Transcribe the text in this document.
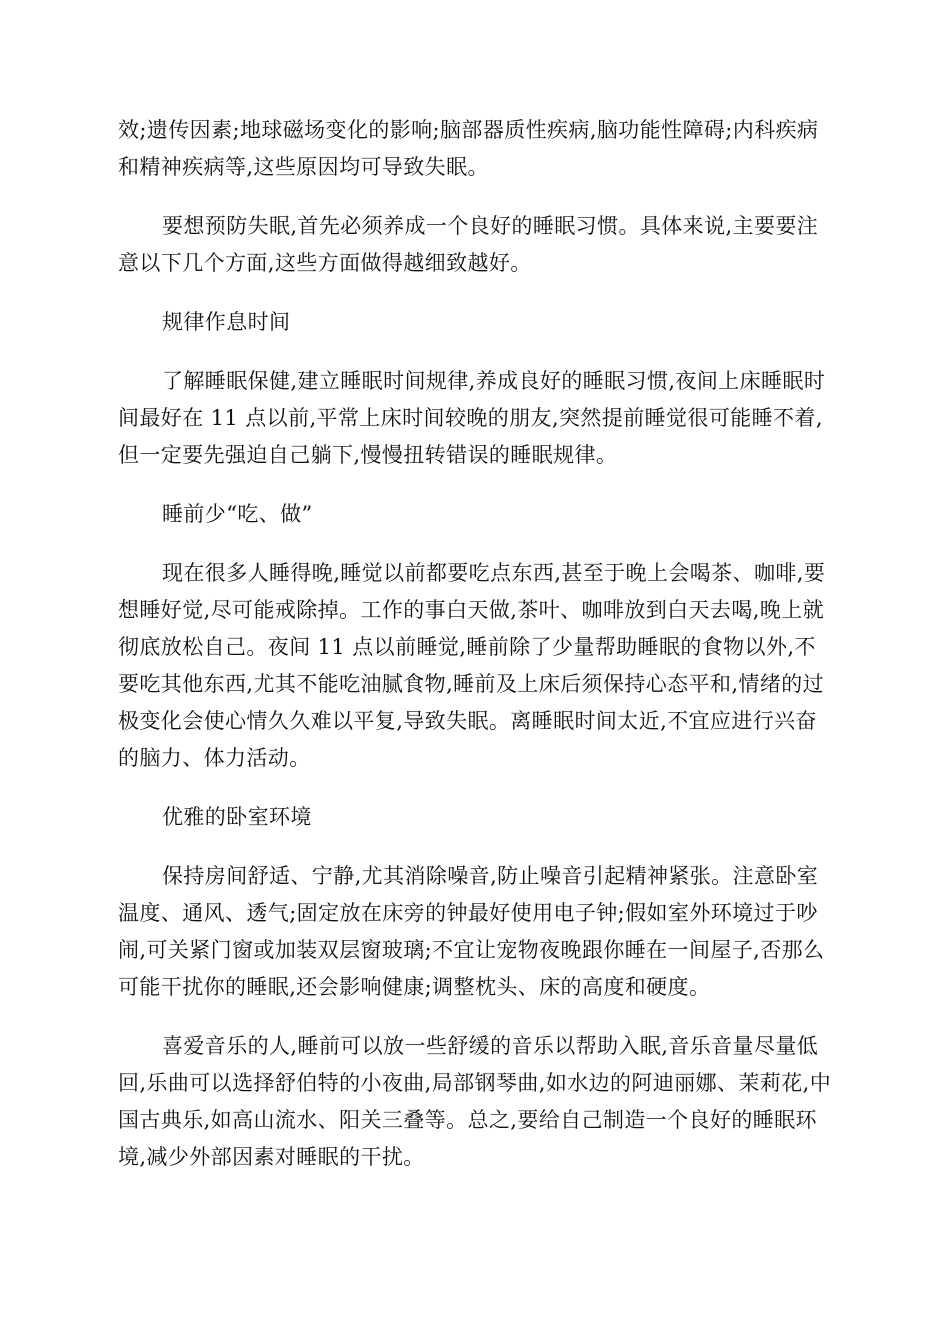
效;遗传因素;地球磁场变化的影响;脑部器质性疾病,脑功能性障碍;内科疾病和精神疾病等,这些原因均可导致失眠。

要想预防失眠,首先必须养成一个良好的睡眠习惯。具体来说,主要要注意以下几个方面,这些方面做得越细致越好。

规律作息时间

了解睡眠保健,建立睡眠时间规律,养成良好的睡眠习惯,夜间上床睡眠时间最好在 11 点以前,平常上床时间较晚的朋友,突然提前睡觉很可能睡不着,但一定要先强迫自己躺下,慢慢扭转错误的睡眠规律。

睡前少“吃、做”

现在很多人睡得晚,睡觉以前都要吃点东西,甚至于晚上会喝茶、咖啡,要想睡好觉,尽可能戒除掉。工作的事白天做,茶叶、咖啡放到白天去喝,晚上就彻底放松自己。夜间 11 点以前睡觉,睡前除了少量帮助睡眠的食物以外,不要吃其他东西,尤其不能吃油腻食物,睡前及上床后须保持心态平和,情绪的过极变化会使心情久久难以平复,导致失眠。离睡眠时间太近,不宜应进行兴奋的脑力、体力活动。

优雅的卧室环境

保持房间舒适、宁静,尤其消除噪音,防止噪音引起精神紧张。注意卧室温度、通风、透气;固定放在床旁的钟最好使用电子钟;假如室外环境过于吵闹,可关紧门窗或加装双层窗玻璃;不宜让宠物夜晚跟你睡在一间屋子,否那么可能干扰你的睡眠,还会影响健康;调整枕头、床的高度和硬度。

喜爱音乐的人,睡前可以放一些舒缓的音乐以帮助入眠,音乐音量尽量低回,乐曲可以选择舒伯特的小夜曲,局部钢琴曲,如水边的阿迪丽娜、茉莉花,中国古典乐,如高山流水、阳关三叠等。总之,要给自己制造一个良好的睡眠环境,减少外部因素对睡眠的干扰。
